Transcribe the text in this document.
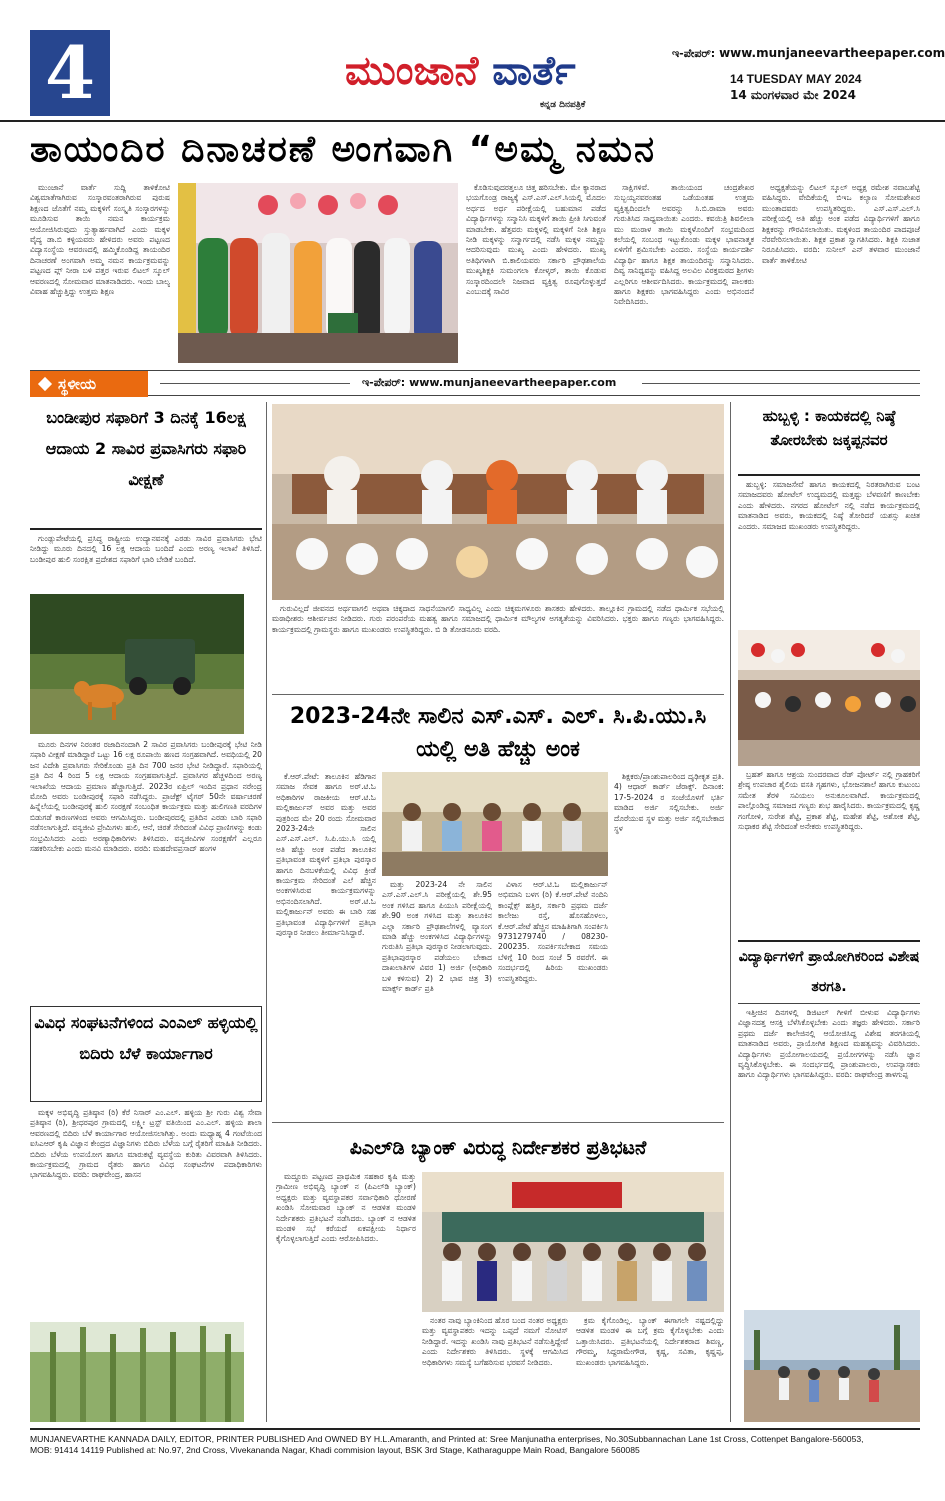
4	ಮುಂಜಾನೆ ವಾರ್ತೆ
ಕನ್ನಡ ದಿನಪತ್ರಿಕೆ
ಇ-ಪೇಪರ್: www.munjaneevartheepaper.com
14 TUESDAY MAY 2024
14 ಮಂಗಳವಾರ ಮೇ 2024
ತಾಯಂದಿರ ದಿನಾಚರಣೆ ಅಂಗವಾಗಿ “ಅಮ್ಮ ನಮನ

ಮುಂಜಾನೆ ವಾರ್ತೆ ಸುದ್ದಿ ತಾಳಿಕೋಟಿ ವಿಶ್ವಮಾತೆಗಾಗಿರುವ ಸಂಸ್ಕಾರವಂತರಾಗಿರುವ ಪುರುಷ ಶಿಕ್ಷಣದ ಜೊತೆಗೆ ನಮ್ಮ ಮಕ್ಕಳಿಗೆ ಸಂಸ್ಕೃತಿ ಸಂಸ್ಕಾರಗಳನ್ನು ಮೂಡಿಸುವ ತಾಯಿ ನಮನ ಕಾರ್ಯಕ್ರಮ ಆಯೋಜಿಸಿರುವುದು ಸ್ತುತ್ಯಾರ್ಹವಾಗಿದೆ ಎಂದು ಮಕ್ಕಳ ವೈದ್ಯ ಡಾ.ಬಿ ಕಳ್ಳಿಯವರು ಹೇಳಿದರು ಅವರು ಪಟ್ಟಣದ ವಿದ್ಯಾಸಂಸ್ಥೆಯ ಆವರಣದಲ್ಲಿ ಹಮ್ಮಿಕೊಂಡಿದ್ದ ತಾಯಂದಿರ ದಿನಾಚರಣೆ ಅಂಗವಾಗಿ ಅಮ್ಮ ನಮನ ಕಾರ್ಯಕ್ರಮವನ್ನು ಪಟ್ಟಣದ ಪ್ಲ್ ನೀರಾ ಬಳಿ ಪತ್ತರ ಇರುವ ಲಿಟಲ್ ಸ್ಕೂಲ್ ಆವರಣದಲ್ಲಿ ಸೋಮವಾರ ಮಾತನಾಡಿದರು. ಇಂದು ಬಾಲ್ಯ ವಿವಾಹ ಹೆಚ್ಚುತ್ತಿದ್ದು ಉತ್ತಮ ಶಿಕ್ಷಣ

ಕೊಡಿಸುವುದರತ್ತಲೂ ಚಿತ್ತ ಹರಿಸಬೇಕು. ಮೇ ಕ್ಯಾನರಾದ ಭಯಗೊಂಡ್ರ ರಾಜ್ಯಕ್ಕೆ ಎಸ್.ಎಸ್.ಎಲ್.ಸಿಯಲ್ಲಿ ಮೊದಲ ಅರ್ಧದ ಅರ್ಧ ಪರೀಕ್ಷೆಯಲ್ಲಿ ಬಹುಮಾನ ಪಡೆದ ವಿದ್ಯಾರ್ಥಿಗಳನ್ನು ಸನ್ಮಾನಿಸಿ ಮಕ್ಕಳಿಗೆ ತಾಯಿ ಪ್ರೀತಿ ಸಿಗುವಂತೆ ಮಾಡಬೇಕು. ಹೆತ್ತವರು ಮಕ್ಕಳಲ್ಲಿ ಮಕ್ಕಳಿಗೆ ನೀತಿ ಶಿಕ್ಷಣ ನೀಡಿ ಮಕ್ಕಳನ್ನು ಸನ್ಮಾರ್ಗದಲ್ಲಿ ನಡೆಸಿ ಮಕ್ಕಳ ನಮ್ಮನ್ನು ಆದರಿಸುವುದು ಮುಖ್ಯ ಎಂದು ಹೇಳಿದರು. ಮುಖ್ಯ ಅತಿಥಿಗಳಾಗಿ ಬಿ.ಕಾಲಿಯವರು ಸರ್ಕಾರಿ ಪ್ರೌಢಶಾಲೆಯ ಮುಖ್ಯಶಿಕ್ಷಕಿ ಸುಮಂಗಲಾ ಕೋಳ್ಕರ್, ತಾಯಿ ಕೊಡುವ ಸಂಸ್ಕಾರದಿಂದಲೇ ನಿಜವಾದ ವ್ಯಕ್ತಿತ್ವ ರೂಪುಗೊಳ್ಳುತ್ತದೆ ಎಂಬುದಕ್ಕೆ ಸಾವಿರ

ಸಾಕ್ಷಿಗಳಿವೆ. ತಾಯಿಯಂದ ಚಂದ್ರಶೇಖರ ಸುಬ್ಬಯ್ಯನವರಂತಹ ಒಡೆಯಂತಹ ಉತ್ತಮ ವ್ಯಕ್ತಿತ್ವದಿಂದಲೇ ಅವರನ್ನು ಸಿ.ಬಿ.ರಾಮಾ ಅವರು ಗುರುತಿಸಿದ ಸಾಧ್ಯವಾಯಿತು ಎಂದರು. ಕವಯಿತ್ರಿ ಶಿವಲೀಲಾ ಮು ಮುರಾಳ ತಾಯಿ ಮಕ್ಕಳೊಂದಿಗೆ ಸಂಭ್ರಮದಿಂದ ಕಲೆಯಲ್ಲಿ ಸಂಬಂಧ ಇಟ್ಟುಕೊಂಡು ಮಕ್ಕಳ ಭಾವನಾತ್ಮಕ ಏಳಿಗೆಗೆ ಶ್ರಮಿಸಬೇಕು ಎಂದರು. ಸಂಸ್ಥೆಯ ಕಾರ್ಯದರ್ಶಿ ವಿದ್ಯಾರ್ಥಿ ಹಾಗೂ ಶಿಕ್ಷಕ ತಾಯಂದಿರನ್ನು ಸನ್ಮಾನಿಸಿದರು. ದಿವ್ಯ ಸಾನಿಧ್ಯವನ್ನು ವಹಿಸಿದ್ದ ಅಲವಿಲ ವಿರಕ್ತಮಠದ ಶ್ರೀಗಳು ಎಲ್ಲರಿಗೂ ಆಶೀರ್ವದಿಸಿದರು. ಕಾರ್ಯಕ್ರಮದಲ್ಲಿ ಪಾಲಕರು ಹಾಗೂ ಶಿಕ್ಷಕರು ಭಾಗವಹಿಸಿದ್ದರು ಎಂದು ಅಭಿನಂದನೆ ನಿವೇದಿಸಿದರು.

ಅಧ್ಯಕ್ಷತೆಯನ್ನು ಲಿಟಲ್ ಸ್ಕೂಲ್ ಅಧ್ಯಕ್ಷ ರಮೇಶ ನವಾಬಶೆಟ್ಟಿ ವಹಿಸಿದ್ದರು. ವೇದಿಕೆಯಲ್ಲಿ ಬಿಇಒ ಕಲ್ಯಾಣ ಸೋಮಶೇಖರ ಮುಂತಾದವರು ಉಪಸ್ಥಿತರಿದ್ದರು. ಎಸ್.ಎಸ್.ಎಲ್.ಸಿ ಪರೀಕ್ಷೆಯಲ್ಲಿ ಅತಿ ಹೆಚ್ಚು ಅಂಕ ಪಡೆದ ವಿದ್ಯಾರ್ಥಿಗಳಿಗೆ ಹಾಗೂ ಶಿಕ್ಷಕರನ್ನು ಗೌರವಿಸಲಾಯಿತು. ಮಕ್ಕಳಿಂದ ತಾಯಂದಿರ ಪಾದಪೂಜೆ ನೆರವೇರಿಸಲಾಯಿತು. ಶಿಕ್ಷಕ ಪ್ರಕಾಶ ಸ್ವಾಗತಿಸಿದರು. ಶಿಕ್ಷಕಿ ಸುಜಾತ ನಿರೂಪಿಸಿದರು. ವರದಿ: ಸುನೀಲ್ ಎನ್ ತಳವಾರ ಮುಂಜಾನೆ ವಾರ್ತೆ ತಾಳಿಕೋಟಿ

ಸ್ಥಳೀಯ	ಇ-ಪೇಪರ್: www.munjaneevartheepaper.com
ಬಂಡೀಪುರ ಸಫಾರಿಗೆ 3 ದಿನಕ್ಕೆ 16ಲಕ್ಷ ಆದಾಯ 2 ಸಾವಿರ ಪ್ರವಾಸಿಗರು ಸಫಾರಿ ವೀಕ್ಷಣೆ

ಗುಂಡ್ಲುಪೇಟೆಯಲ್ಲಿ ಪ್ರಸಿದ್ಧ ರಾಷ್ಟ್ರೀಯ ಉದ್ಯಾನವನಕ್ಕೆ ಎರಡು ಸಾವಿರ ಪ್ರವಾಸಿಗರು ಭೇಟಿ ನೀಡಿದ್ದು ಮೂರು ದಿನದಲ್ಲಿ 16 ಲಕ್ಷ ಆದಾಯ ಬಂದಿದೆ ಎಂದು ಅರಣ್ಯ ಇಲಾಖೆ ತಿಳಿಸಿದೆ. ಬಂಡೀಪುರ ಹುಲಿ ಸಂರಕ್ಷಿತ ಪ್ರದೇಶದ ಸಫಾರಿಗೆ ಭಾರಿ ಬೇಡಿಕೆ ಬಂದಿದೆ.

ಮೂರು ದಿನಗಳ ನಿರಂತರ ರಜಾದಿನಂದಾಗಿ 2 ಸಾವಿರ ಪ್ರವಾಸಿಗರು ಬಂಡೀಪುರಕ್ಕೆ ಭೇಟಿ ನೀಡಿ ಸಫಾರಿ ವೀಕ್ಷಣೆ ಮಾಡಿದ್ದಾರೆ ಒಟ್ಟು 16 ಲಕ್ಷ ರೂಪಾಯಿ ಹಣದ ಸಂಗ್ರಹವಾಗಿದೆ. ಅವಧಿಯಲ್ಲಿ 20 ಜನ ವಿದೇಶಿ ಪ್ರವಾಸಿಗರು ಸೇರಿಕೊಂಡು ಪ್ರತಿ ದಿನ 700 ಜನರ ಭೇಟಿ ನೀಡಿದ್ದಾರೆ. ಸಫಾರಿಯಲ್ಲಿ ಪ್ರತಿ ದಿನ 4 ರಿಂದ 5 ಲಕ್ಷ ಆದಾಯ ಸಂಗ್ರಹವಾಗುತ್ತಿದೆ. ಪ್ರವಾಸಿಗರ ಹೆಚ್ಚಳದಿಂದ ಅರಣ್ಯ ಇಲಾಖೆಯ ಆದಾಯ ಪ್ರಮಾಣ ಹೆಚ್ಚಾಗುತ್ತಿದೆ. 2023ರ ಏಪ್ರಿಲ್ ಇಂದಿನ ಪ್ರಧಾನ ನರೇಂದ್ರ ಮೋದಿ ಅವರು ಬಂಡೀಪುರಕ್ಕೆ ಸಫಾರಿ ನಡೆಸಿದ್ದರು. ಪ್ರಾಜೆಕ್ಟ್ ಟೈಗರ್ 50ನೇ ವರ್ಷಾಚರಣೆ ಹಿನ್ನೆಲೆಯಲ್ಲಿ ಬಂಡೀಪುರಕ್ಕೆ ಹುಲಿ ಸಂರಕ್ಷಣೆ ಸಂಬಂಧಿತ ಕಾರ್ಯಕ್ರಮ ಮತ್ತು ಹುಲಿಗಣತಿ ವರದಿಗಳ ಬಿಡುಗಡೆ ಕಾರಣಗಳಿಂದ ಅವರು ಆಗಮಿಸಿದ್ದರು. ಬಂಡೀಪುರದಲ್ಲಿ ಪ್ರತಿದಿನ ಎರಡು ಬಾರಿ ಸಫಾರಿ ನಡೆಸಲಾಗುತ್ತಿದೆ. ವನ್ಯಜೀವಿ ಪ್ರೇಮಿಗಳು ಹುಲಿ, ಆನೆ, ಚಿರತೆ ಸೇರಿದಂತೆ ವಿವಿಧ ಪ್ರಾಣಿಗಳನ್ನು ಕಂಡು ಸಂಭ್ರಮಿಸಿದರು ಎಂದು ಅರಣ್ಯಾಧಿಕಾರಿಗಳು ತಿಳಿಸಿದರು. ವನ್ಯಜೀವಿಗಳ ಸಂರಕ್ಷಣೆಗೆ ಎಲ್ಲರೂ ಸಹಕರಿಸಬೇಕು ಎಂದು ಮನವಿ ಮಾಡಿದರು. ವರದಿ: ಮಹದೇವಪ್ರಸಾದ್ ಹಂಗಳ

ವಿವಿಧ ಸಂಘಟನೆಗಳಿಂದ ಎಂಎಲ್ ಹಳ್ಳಿಯಲ್ಲಿ ಬಿದಿರು ಬೆಳೆ ಕಾರ್ಯಾಗಾರ

ಮಕ್ಕಳ ಅಭಿವೃದ್ಧಿ ಪ್ರತಿಷ್ಠಾನ (ರಿ) ಕೆರೆ ನಿಸಾರ್ ಎಂ.ಎಲ್. ಹಳ್ಳಿಯ ಶ್ರೀ ಗುರು ವಿಶ್ವ ಸೇವಾ ಪ್ರತಿಷ್ಠಾನ (ರಿ), ಶ್ರೀಧರಪುರ ಗ್ರಾಮದಲ್ಲಿ ಲಕ್ಷ್ಮೀ ಟ್ರಸ್ಟ್ ವತಿಯಿಂದ ಎಂ.ಎಲ್. ಹಳ್ಳಿಯ ಶಾಲಾ ಆವರಣದಲ್ಲಿ ಬಿದಿರು ಬೆಳೆ ಕಾರ್ಯಾಗಾರ ಆಯೋಜಿಸಲಾಗಿತ್ತು. ಅಂದು ಮಧ್ಯಾಹ್ನ 4 ಗಂಟೆಯಿಂದ ಐಸಿಎಆರ್ ಕೃಷಿ ವಿಜ್ಞಾನ ಕೇಂದ್ರದ ವಿಜ್ಞಾನಿಗಳು ಬಿದಿರು ಬೆಳೆಯ ಬಗ್ಗೆ ರೈತರಿಗೆ ಮಾಹಿತಿ ನೀಡಿದರು. ಬಿದಿರು ಬೆಳೆಯ ಉಪಯೋಗ ಹಾಗೂ ಮಾರುಕಟ್ಟೆ ವ್ಯವಸ್ಥೆಯ ಕುರಿತು ವಿವರವಾಗಿ ತಿಳಿಸಿದರು. ಕಾರ್ಯಕ್ರಮದಲ್ಲಿ ಗ್ರಾಮದ ರೈತರು ಹಾಗೂ ವಿವಿಧ ಸಂಘಟನೆಗಳ ಪದಾಧಿಕಾರಿಗಳು ಭಾಗವಹಿಸಿದ್ದರು. ವರದಿ: ರಾಘವೇಂದ್ರ, ಹಾಸನ

ಗುರುವಿಲ್ಲದೆ ಜೀವನದ ಅರ್ಥವಾಗಲಿ ಅಥವಾ ಚಿಕ್ಕದಾದ ಸಾಧನೆಯಾಗಲಿ ಸಾಧ್ಯವಿಲ್ಲ ಎಂದು ಚಿಕ್ಕಮಗಳೂರು ಶಾಸಕರು ಹೇಳಿದರು. ತಾಲ್ಲೂಕಿನ ಗ್ರಾಮದಲ್ಲಿ ನಡೆದ ಧಾರ್ಮಿಕ ಸಭೆಯಲ್ಲಿ ಮಠಾಧೀಶರು ಆಶೀರ್ವಚನ ನೀಡಿದರು. ಗುರು ಪರಂಪರೆಯ ಮಹತ್ವ ಹಾಗೂ ಸಮಾಜದಲ್ಲಿ ಧಾರ್ಮಿಕ ಮೌಲ್ಯಗಳ ಅಗತ್ಯತೆಯನ್ನು ವಿವರಿಸಿದರು. ಭಕ್ತರು ಹಾಗೂ ಗಣ್ಯರು ಭಾಗವಹಿಸಿದ್ದರು. ಕಾರ್ಯಕ್ರಮದಲ್ಲಿ ಗ್ರಾಮಸ್ಥರು ಹಾಗೂ ಮುಖಂಡರು ಉಪಸ್ಥಿತರಿದ್ದರು. ಬಿ ಡಿ ತೋಡನೂರು ವರದಿ.

2023-24ನೇ ಸಾಲಿನ ಎಸ್.ಎಸ್. ಎಲ್. ಸಿ.ಪಿ.ಯು.ಸಿ ಯಲ್ಲಿ ಅತಿ ಹೆಚ್ಚು ಅಂಕ

ಕೆ.ಆರ್.ಪೇಟೆ: ತಾಲೂಕಿನ ಹೆಡಿಗಾನ ಸಮಾಜ ಸೇವಕ ಹಾಗೂ ಅರ್.ಟಿ.ಓ ಅಧಿಕಾರಿಗಳ ರಾಜಕೀಯ ಆರ್.ಟಿ.ಓ ಮಲ್ಲಿಕಾರ್ಜುನ್ ಅವರ ಮತ್ತು ಅವರ ಪುತ್ರರಿಂದ ಮೇ 20 ರಂದು ಸೋಮವಾರ 2023-24ನೇ ಸಾಲಿನ ಎಸ್.ಎಸ್.ಎಲ್. ಸಿ.ಪಿ.ಯು.ಸಿ ಯಲ್ಲಿ ಅತಿ ಹೆಚ್ಚು ಅಂಕ ಪಡೆದ ತಾಲೂಕಿನ ಪ್ರತಿಭಾವಂತ ಮಕ್ಕಳಿಗೆ ಪ್ರತಿಭಾ ಪುರಸ್ಕಾರ ಹಾಗೂ ದಿನಬಳಕೆಯಲ್ಲಿ ವಿವಿಧ ಕ್ರೀಡೆ ಕಾರ್ಯಕ್ರಮ ಸೇರಿದಂತೆ ಎಲೆ ಹೆಚ್ಚಿನ ಅಂಕಗಳಿಸಿರುವ ಕಾರ್ಯಕ್ರಮಗಳನ್ನು ಅಭಿನಂದಿಸಲಾಗಿದೆ. ಅರ್.ಟಿ.ಓ ಮಲ್ಲಿಕಾರ್ಜುನ್ ಅವರು ಈ ಬಾರಿ ಸಹ ಪ್ರತಿಭಾವಂತ ವಿದ್ಯಾರ್ಥಿಗಳಿಗೆ ಪ್ರತಿಭಾ ಪುರಸ್ಕಾರ ನೀಡಲು ತೀರ್ಮಾನಿಸಿದ್ದಾರೆ.

ಮತ್ತು 2023-24 ನೇ ಸಾಲಿನ ಎಸ್.ಎಸ್.ಎಲ್.ಸಿ ಪರೀಕ್ಷೆಯಲ್ಲಿ ಶೇ.95 ಅಂಕ ಗಳಿಸಿದ ಹಾಗೂ ಪಿಯುಸಿ ಪರೀಕ್ಷೆಯಲ್ಲಿ ಶೇ.90 ಅಂಕ ಗಳಿಸಿದ ಮತ್ತು ತಾಲೂಕಿನ ಎಲ್ಲಾ ಸರ್ಕಾರಿ ಪ್ರೌಢಶಾಲೆಗಳಲ್ಲಿ ವ್ಯಾಸಂಗ ಮಾಡಿ ಹೆಚ್ಚು ಅಂಕಗಳಿಸಿದ ವಿದ್ಯಾರ್ಥಿಗಳನ್ನು ಗುರುತಿಸಿ ಪ್ರತಿಭಾ ಪುರಸ್ಕಾರ ನೀಡಲಾಗುವುದು. ಪ್ರತಿಭಾಪುರಸ್ಕಾರ ಪಡೆಯಲು ಬೇಕಾದ ದಾಖಲಾತಿಗಳ ವಿವರ 1) ಅರ್ಜಿ (ಅಧಿಕಾರಿ ಬಳಿ ಕಳಿಸುವ) 2) 2 ಭಾವ ಚಿತ್ರ 3) ಮಾರ್ಕ್ಸ್ ಕಾರ್ಡ್ ಪ್ರತಿ

ವಿಳಾಸ ಆರ್.ಟಿ.ಓ ಮಲ್ಲಿಕಾರ್ಜುನ್ ಅಭಿಮಾನಿ ಬಳಗ (ರಿ) ಕೆ.ಆರ್.ಪೇಟೆ ನಂದಿನಿ ಕಾಂಪ್ಲೆಕ್ಸ್ ಹತ್ತಿರ, ಸರ್ಕಾರಿ ಪ್ರಥಮ ದರ್ಜೆ ಕಾಲೇಜು ರಸ್ತೆ, ಹೊಸಹೊಳಲು, ಕೆ.ಆರ್.ಪೇಟೆ ಹೆಚ್ಚಿನ ಮಾಹಿತಿಗಾಗಿ ಸಂಪರ್ಕಿಸಿ 9731279740 / 08230- 200235. ಸಂಪರ್ಕಿಸಬೇಕಾದ ಸಮಯ ಬೆಳಿಗ್ಗೆ 10 ರಿಂದ ಸಂಜೆ 5 ರವರೆಗೆ. ಈ ಸಂದರ್ಭದಲ್ಲಿ ಹಿರಿಯ ಮುಖಂಡರು ಉಪಸ್ಥಿತರಿದ್ದರು.

ಶಿಕ್ಷಕರು/ಪ್ರಾಂಶುಪಾಲರಿಂದ ದೃಢೀಕೃತ ಪ್ರತಿ. 4) ಆಧಾರ್ ಕಾರ್ಡ್ ಜೆರಾಕ್ಸ್. ದಿನಾಂಕ: 17-5-2024 ರ ಸಂಜೆಯೊಳಗೆ ಭರ್ತಿ ಮಾಡಿದ ಅರ್ಜಿ ಸಲ್ಲಿಸಬೇಕು. ಅರ್ಜಿ ದೊರೆಯುವ ಸ್ಥಳ ಮತ್ತು ಅರ್ಜಿ ಸಲ್ಲಿಸಬೇಕಾದ ಸ್ಥಳ

ಪಿಎಲ್‌ಡಿ ಬ್ಯಾಂಕ್ ವಿರುದ್ಧ ನಿರ್ದೇಶಕರ ಪ್ರತಿಭಟನೆ

ಮದ್ದೂರು ಪಟ್ಟಣದ ಪ್ರಾಥಮಿಕ ಸಹಕಾರ ಕೃಷಿ ಮತ್ತು ಗ್ರಾಮೀಣ ಅಭಿವೃದ್ಧಿ ಬ್ಯಾಂಕ್ ನ (ಪಿಎಲ್‌ಡಿ ಬ್ಯಾಂಕ್) ಅಧ್ಯಕ್ಷರು ಮತ್ತು ವ್ಯವಸ್ಥಾಪಕರ ಸರ್ವಾಧಿಕಾರಿ ಧೋರಣೆ ಖಂಡಿಸಿ ಸೋಮವಾರ ಬ್ಯಾಂಕ್ ನ ಆಡಳಿತ ಮಂಡಳಿ ನಿರ್ದೇಶಕರು ಪ್ರತಿಭಟನೆ ನಡೆಸಿದರು. ಬ್ಯಾಂಕ್ ನ ಆಡಳಿತ ಮಂಡಳಿ ಸಭೆ ಕರೆಯದೆ ಏಕಪಕ್ಷೀಯ ನಿರ್ಧಾರ ಕೈಗೊಳ್ಳಲಾಗುತ್ತಿದೆ ಎಂದು ಆರೋಪಿಸಿದರು.

ನಂತರ ನಾವು ಬ್ಯಾಂಕಿನಿಂದ ಹೊರ ಬಂದ ನಂತರ ಅಧ್ಯಕ್ಷರು ಮತ್ತು ವ್ಯವಸ್ಥಾಪಕರು ಇದನ್ನು ಒಪ್ಪದೆ ನಮಗೆ ನೋಟಿಸ್ ನೀಡಿದ್ದಾರೆ. ಇದನ್ನು ಖಂಡಿಸಿ ನಾವು ಪ್ರತಿಭಟನೆ ನಡೆಸುತ್ತಿದ್ದೇವೆ ಎಂದು ನಿರ್ದೇಶಕರು ತಿಳಿಸಿದರು. ಸ್ಥಳಕ್ಕೆ ಆಗಮಿಸಿದ ಅಧಿಕಾರಿಗಳು ಸಮಸ್ಯೆ ಬಗೆಹರಿಸುವ ಭರವಸೆ ನೀಡಿದರು.

ಕ್ರಮ ಕೈಗೊಂಡಿಲ್ಲ. ಬ್ಯಾಂಕ್ ಈಗಾಗಲೇ ನಷ್ಟದಲ್ಲಿದ್ದು ಆಡಳಿತ ಮಂಡಳಿ ಈ ಬಗ್ಗೆ ಕ್ರಮ ಕೈಗೊಳ್ಳಬೇಕು ಎಂದು ಒತ್ತಾಯಿಸಿದರು. ಪ್ರತಿಭಟನೆಯಲ್ಲಿ ನಿರ್ದೇಶಕರಾದ ಶಿವಣ್ಣ, ಗೌರಮ್ಮ, ಸಿದ್ದರಾಮೇಗೌಡ, ಕೃಷ್ಣ, ಸವಿತಾ, ಕೃಷ್ಣಪ್ಪ, ಮುಖಂಡರು ಭಾಗವಹಿಸಿದ್ದರು.

ಹುಬ್ಬಳ್ಳಿ : ಕಾಯಕದಲ್ಲಿ ನಿಷ್ಠೆ ತೋರಬೇಕು ಜಕ್ಕಪ್ಪನವರ

ಹುಬ್ಬಳ್ಳಿ: ಸಮಾಜಸೇವೆ ಹಾಗೂ ಕಾಯಕದಲ್ಲಿ ನಿರತರಾಗಿರುವ ಬಂಟ ಸಮಾಜದವರು ಹೋಟೆಲ್ ಉದ್ಯಮದಲ್ಲಿ ಮತ್ತಷ್ಟು ಬೆಳವಣಿಗೆ ಕಾಣಬೇಕು ಎಂದು ಹೇಳಿದರು. ನಗರದ ಹೋಟೆಲ್ ನಲ್ಲಿ ನಡೆದ ಕಾರ್ಯಕ್ರಮದಲ್ಲಿ ಮಾತನಾಡಿದ ಅವರು, ಕಾಯಕದಲ್ಲಿ ನಿಷ್ಠೆ ತೋರಿದರೆ ಯಶಸ್ಸು ಖಚಿತ ಎಂದರು. ಸಮಾಜದ ಮುಖಂಡರು ಉಪಸ್ಥಿತರಿದ್ದರು.

ಬ್ರಹತ್ ಹಾಗೂ ಆಶ್ರಯ ಸುಂದರವಾದ ರೆಡ್ ಪೋರ್ಟ್ ನಲ್ಲಿ ಗ್ರಾಹಕರಿಗೆ ಶ್ರೇಷ್ಠ ಉಪಚಾರ ಶೈಲಿಯ ವಸತಿ ಗೃಹಗಳು, ಭೋಜನಶಾಲೆ ಹಾಗೂ ಕುಟುಂಬ ಸಮೇತ ತೆರಳಿ ಸವಿಯಲು ಅನುಕೂಲವಾಗಿದೆ. ಕಾರ್ಯಕ್ರಮದಲ್ಲಿ ಪಾಲ್ಗೊಂಡಿದ್ದ ಸಮಾಜದ ಗಣ್ಯರು ಶುಭ ಹಾರೈಸಿದರು. ಕಾರ್ಯಕ್ರಮದಲ್ಲಿ ಕೃಷ್ಣ ಗಂಗೋಳಿ, ಸುರೇಶ ಶೆಟ್ಟಿ, ಪ್ರಕಾಶ ಶೆಟ್ಟಿ, ಮಹೇಶ ಶೆಟ್ಟಿ, ಅಶೋಕ ಶೆಟ್ಟಿ, ಸುಧಾಕರ ಶೆಟ್ಟಿ ಸೇರಿದಂತೆ ಅನೇಕರು ಉಪಸ್ಥಿತರಿದ್ದರು.

ವಿದ್ಯಾರ್ಥಿಗಳಿಗೆ ಪ್ರಾಯೋಗಿಕರಿಂದ ವಿಶೇಷ ತರಗತಿ.

ಇತ್ತೀಚಿನ ದಿನಗಳಲ್ಲಿ ಡಿಜಿಟಲ್ ಗೀಳಿಗೆ ಬೀಳುವ ವಿದ್ಯಾರ್ಥಿಗಳು ವಿಜ್ಞಾನದತ್ತ ಆಸಕ್ತಿ ಬೆಳೆಸಿಕೊಳ್ಳಬೇಕು ಎಂದು ತಜ್ಞರು ಹೇಳಿದರು. ಸರ್ಕಾರಿ ಪ್ರಥಮ ದರ್ಜೆ ಕಾಲೇಜಿನಲ್ಲಿ ಆಯೋಜಿಸಿದ್ದ ವಿಶೇಷ ತರಗತಿಯಲ್ಲಿ ಮಾತನಾಡಿದ ಅವರು, ಪ್ರಾಯೋಗಿಕ ಶಿಕ್ಷಣದ ಮಹತ್ವವನ್ನು ವಿವರಿಸಿದರು. ವಿದ್ಯಾರ್ಥಿಗಳು ಪ್ರಯೋಗಾಲಯದಲ್ಲಿ ಪ್ರಯೋಗಗಳನ್ನು ನಡೆಸಿ ಜ್ಞಾನ ವೃದ್ಧಿಸಿಕೊಳ್ಳಬೇಕು. ಈ ಸಂದರ್ಭದಲ್ಲಿ ಪ್ರಾಂಶುಪಾಲರು, ಉಪನ್ಯಾಸಕರು ಹಾಗೂ ವಿದ್ಯಾರ್ಥಿಗಳು ಭಾಗವಹಿಸಿದ್ದರು. ವರದಿ: ರಾಘವೇಂದ್ರ ತಾಳಗುಪ್ಪ

MUNJANEVARTHE KANNADA DAILY, EDITOR, PRINTER PUBLISHED And OWNED BY H.L.Amaranth, and Printed at: Sree Manjunatha enterprises, No.30Subbannachan Lane 1st Cross, Cottenpet Bangalore-560053,
MOB: 91414 14119 Published at: No.97, 2nd Cross, Vivekananda Nagar, Khadi commision layout, BSK 3rd Stage, Katharaguppe Main Road, Bangalore 560085
